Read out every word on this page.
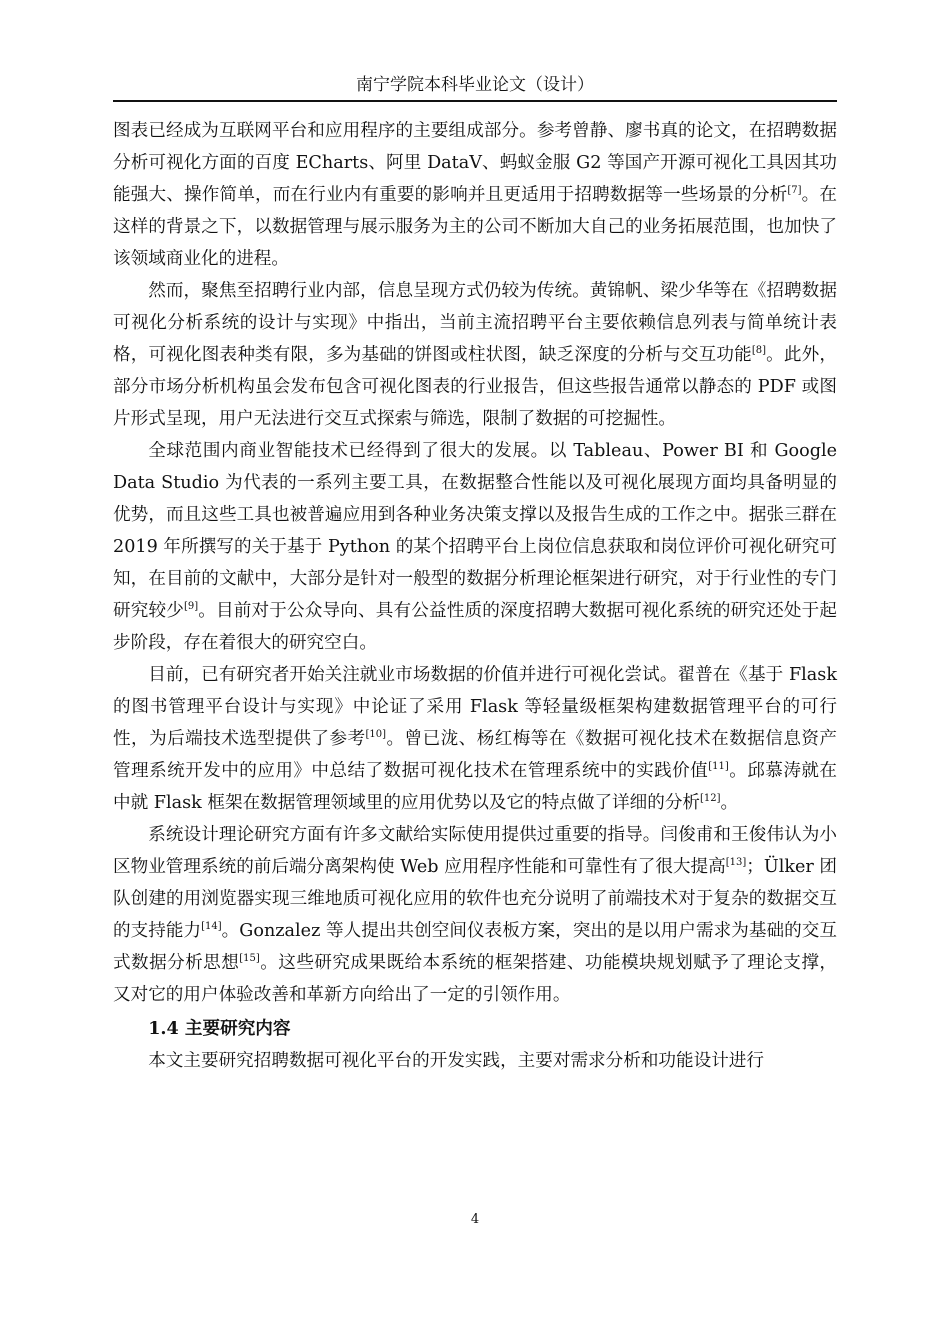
南宁学院本科毕业论文（设计）

图表已经成为互联网平台和应用程序的主要组成部分。参考曾静、廖书真的论文，在招聘数据分析可视化方面的百度 ECharts、阿里 DataV、蚂蚁金服 G2 等国产开源可视化工具因其功能强大、操作简单，而在行业内有重要的影响并且更适用于招聘数据等一些场景的分析[7]。在这样的背景之下，以数据管理与展示服务为主的公司不断加大自己的业务拓展范围，也加快了该领域商业化的进程。

然而，聚焦至招聘行业内部，信息呈现方式仍较为传统。黄锦帆、梁少华等在《招聘数据可视化分析系统的设计与实现》中指出，当前主流招聘平台主要依赖信息列表与简单统计表格，可视化图表种类有限，多为基础的饼图或柱状图，缺乏深度的分析与交互功能[8]。此外，部分市场分析机构虽会发布包含可视化图表的行业报告，但这些报告通常以静态的 PDF 或图片形式呈现，用户无法进行交互式探索与筛选，限制了数据的可挖掘性。

全球范围内商业智能技术已经得到了很大的发展。以 Tableau、Power BI 和 Google Data Studio 为代表的一系列主要工具，在数据整合性能以及可视化展现方面均具备明显的优势，而且这些工具也被普遍应用到各种业务决策支撑以及报告生成的工作之中。据张三群在 2019 年所撰写的关于基于 Python 的某个招聘平台上岗位信息获取和岗位评价可视化研究可知，在目前的文献中，大部分是针对一般型的数据分析理论框架进行研究，对于行业性的专门研究较少[9]。目前对于公众导向、具有公益性质的深度招聘大数据可视化系统的研究还处于起步阶段，存在着很大的研究空白。

目前，已有研究者开始关注就业市场数据的价值并进行可视化尝试。翟普在《基于 Flask 的图书管理平台设计与实现》中论证了采用 Flask 等轻量级框架构建数据管理平台的可行性，为后端技术选型提供了参考[10]。曾已泷、杨红梅等在《数据可视化技术在数据信息资产管理系统开发中的应用》中总结了数据可视化技术在管理系统中的实践价值[11]。邱慕涛就在中就 Flask 框架在数据管理领域里的应用优势以及它的特点做了详细的分析[12]。

系统设计理论研究方面有许多文献给实际使用提供过重要的指导。闫俊甫和王俊伟认为小区物业管理系统的前后端分离架构使 Web 应用程序性能和可靠性有了很大提高[13]；Ülker 团队创建的用浏览器实现三维地质可视化应用的软件也充分说明了前端技术对于复杂的数据交互的支持能力[14]。Gonzalez 等人提出共创空间仪表板方案，突出的是以用户需求为基础的交互式数据分析思想[15]。这些研究成果既给本系统的框架搭建、功能模块规划赋予了理论支撑，又对它的用户体验改善和革新方向给出了一定的引领作用。

1.4 主要研究内容

本文主要研究招聘数据可视化平台的开发实践，主要对需求分析和功能设计进行

4
